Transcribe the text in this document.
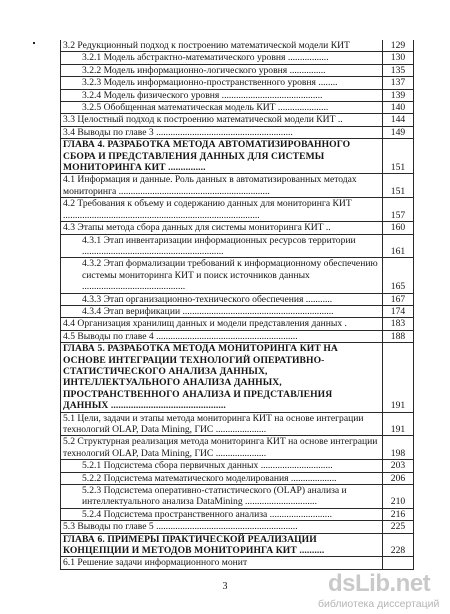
3.2 Редукционный подход к построению математической модели КИТ	129
3.2.1 Модель абстрактно-математического уровня .................	130
3.2.2 Модель информационно-логического уровня ...............	135
3.2.3 Модель информационно-пространственного уровня ........	137
3.2.4 Модель физического уровня ..........................................	139
3.2.5 Обобщенная математическая модель КИТ .....................	140
3.3 Целостный подход к построению математической модели КИТ ..	144
3.4 Выводы по главе 3 .........................................................	149
ГЛАВА 4. РАЗРАБОТКА МЕТОДА АВТОМАТИЗИРОВАННОГО СБОРА И ПРЕДСТАВЛЕНИЯ ДАННЫХ ДЛЯ СИСТЕМЫ МОНИТОРИНГА КИТ ...............	151
4.1 Информация и данные. Роль данных в автоматизированных методах мониторинга ...............................................................	151
4.2 Требования к объему и содержанию данных для мониторинга КИТ ..................................................................................	157
4.3 Этапы метода сбора данных для системы мониторинга КИТ ..	160
4.3.1 Этап инвентаризации информационных ресурсов территории ...........................................................	161
4.3.2 Этап формализации требований к информационному обеспечению системы мониторинга КИТ и поиск источников данных ...........................................	165
4.3.3 Этап организационно-технического обеспечения ...........	167
4.3.4 Этап верификации ...............................................................	174
4.4 Организация хранилищ данных и модели представления данных .	183
4.5 Выводы по главе 4 ...........................................................	188
ГЛАВА 5. РАЗРАБОТКА МЕТОДА МОНИТОРИНГА КИТ НА ОСНОВЕ ИНТЕГРАЦИИ ТЕХНОЛОГИЙ ОПЕРАТИВНО-СТАТИСТИЧЕСКОГО АНАЛИЗА ДАННЫХ, ИНТЕЛЛЕКТУАЛЬНОГО АНАЛИЗА ДАННЫХ, ПРОСТРАНСТВЕННОГО АНАЛИЗА И ПРЕДСТАВЛЕНИЯ ДАННЫХ ..............................................	191
5.1 Цели, задачи и этапы метода мониторинга КИТ на основе интеграции технологий OLAP, Data Mining, ГИС .....................	191
5.2 Структурная реализация метода мониторинга КИТ на основе интеграции технологий OLAP, Data Mining, ГИС .....................	198
5.2.1 Подсистема сбора первичных данных ..............................	203
5.2.2 Подсистема математического моделирования ...................	206
5.2.3 Подсистема оперативно-статистического (OLAP) анализа и интеллектуального анализа DataMining ..............................	210
5.2.4 Подсистема пространственного анализа ..........................	216
5.3 Выводы по главе 5 ...........................................................	225
ГЛАВА 6. ПРИМЕРЫ ПРАКТИЧЕСКОЙ РЕАЛИЗАЦИИ КОНЦЕПЦИИ И МЕТОДОВ МОНИТОРИНГА КИТ ..........	228
6.1 Решение задачи информационного монит
3	dsLib.net
библиотека диссертаций
